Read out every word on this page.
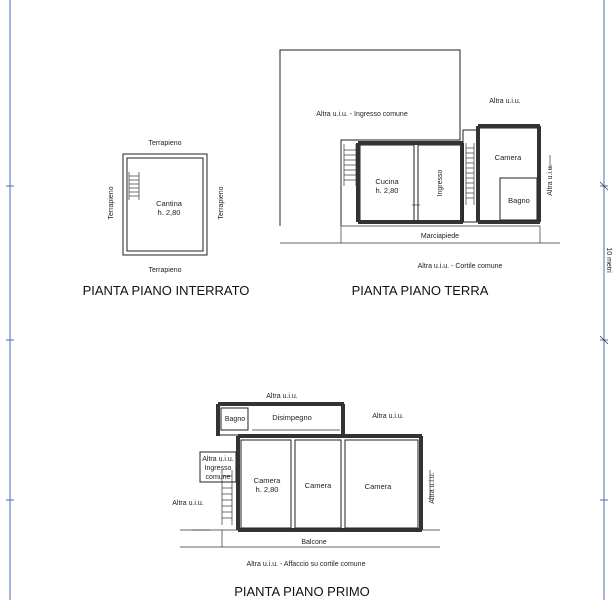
10 metri
Terrapieno
Terrapieno
Terrapieno	Terrapieno
Cantina
h. 2,80
PIANTA PIANO INTERRATO
Altra u.i.u. - Ingresso comune
Altra u.i.u.
Altra u.i.u.
Cucina
h. 2,80	Ingresso
Camera
Bagno
Marciapiede
Altra u.i.u. - Cortile comune
PIANTA PIANO TERRA
Altra u.i.u.
Altra u.i.u.
Altra u.i.u.
Altra u.i.u.
Bagno	Disimpegno
Altra u.i.u.
Ingresso
comune	Camera
h. 2,80	Camera	Camera
Balcone
Altra u.i.u. - Affaccio su cortile comune
PIANTA PIANO PRIMO
